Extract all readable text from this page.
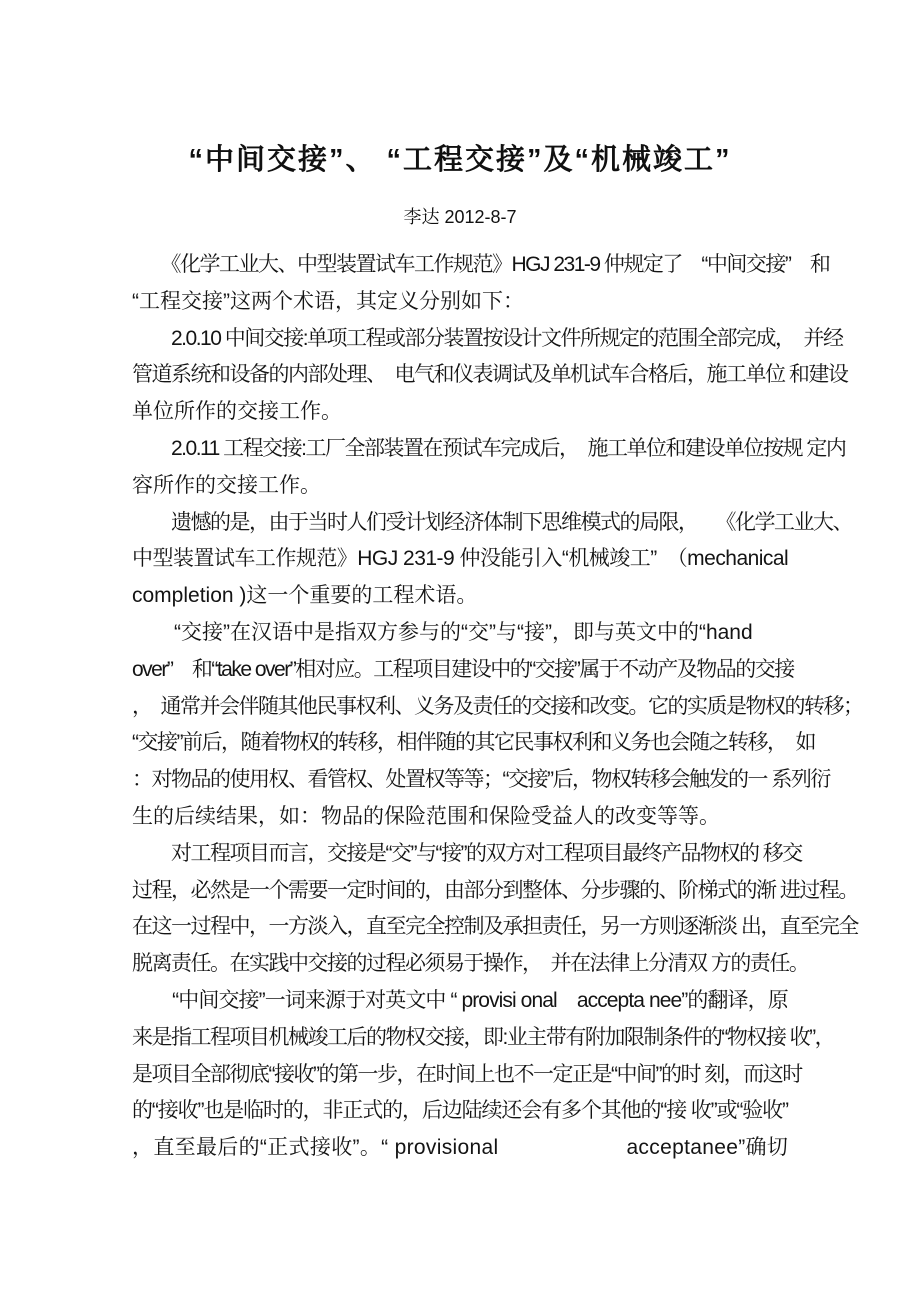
“中间交接”、 “工程交接”及“机械竣工”
李达 2012-8-7
　　《化学工业大、中型装置试车工作规范》HGJ 231-9 仲规定了　“中间交接”　和
“工程交接”这两个术语，其定义分别如下：
　　2.0.10 中间交接:单项工程或部分装置按设计文件所规定的范围全部完成，　并经
管道系统和设备的内部处理、　电气和仪表调试及单机试车合格后，施工单位 和建设
单位所作的交接工作。
　　2.0.11 工程交接:工厂全部装置在预试车完成后，　施工单位和建设单位按规 定内
容所作的交接工作。
　　遗憾的是，由于当时人们受计划经济体制下思维模式的局限，　　《化学工业大、
中型装置试车工作规范》HGJ 231-9 仲没能引入“机械竣工”　（mechanical
completion )这一个重要的工程术语。
　　“交接”在汉语中是指双方参与的“交”与“接”，即与英文中的“hand
over”　和“take over”相对应。工程项目建设中的“交接”属于不动产及物品的交接
，　通常并会伴随其他民事权利、义务及责任的交接和改变。它的实质是物权的转移；
“交接”前后，随着物权的转移，相伴随的其它民事权利和义务也会随之转移，　如
：对物品的使用权、看管权、处置权等等；“交接”后，物权转移会触发的一 系列衍
生的后续结果，如：物品的保险范围和保险受益人的改变等等。
　　对工程项目而言，交接是“交”与“接”的双方对工程项目最终产品物权的 移交
过程，必然是一个需要一定时间的，由部分到整体、分步骤的、阶梯式的渐 进过程。
在这一过程中，一方淡入，直至完全控制及承担责任，另一方则逐渐淡 出，直至完全
脱离责任。在实践中交接的过程必须易于操作，　并在法律上分清双 方的责任。
　　“中间交接”一词来源于对英文中 “ provisi onal　accepta nee”的翻译，原
来是指工程项目机械竣工后的物权交接，即:业主带有附加限制条件的“物权接 收”，
是项目全部彻底“接收”的第一步，在时间上也不一定正是“中间”的时 刻，而这时
的“接收”也是临时的，非正式的，后边陆续还会有多个其他的“接 收”或“验收”
，直至最后的“正式接收”。“ provisional　　　　　　acceptanee”确切
